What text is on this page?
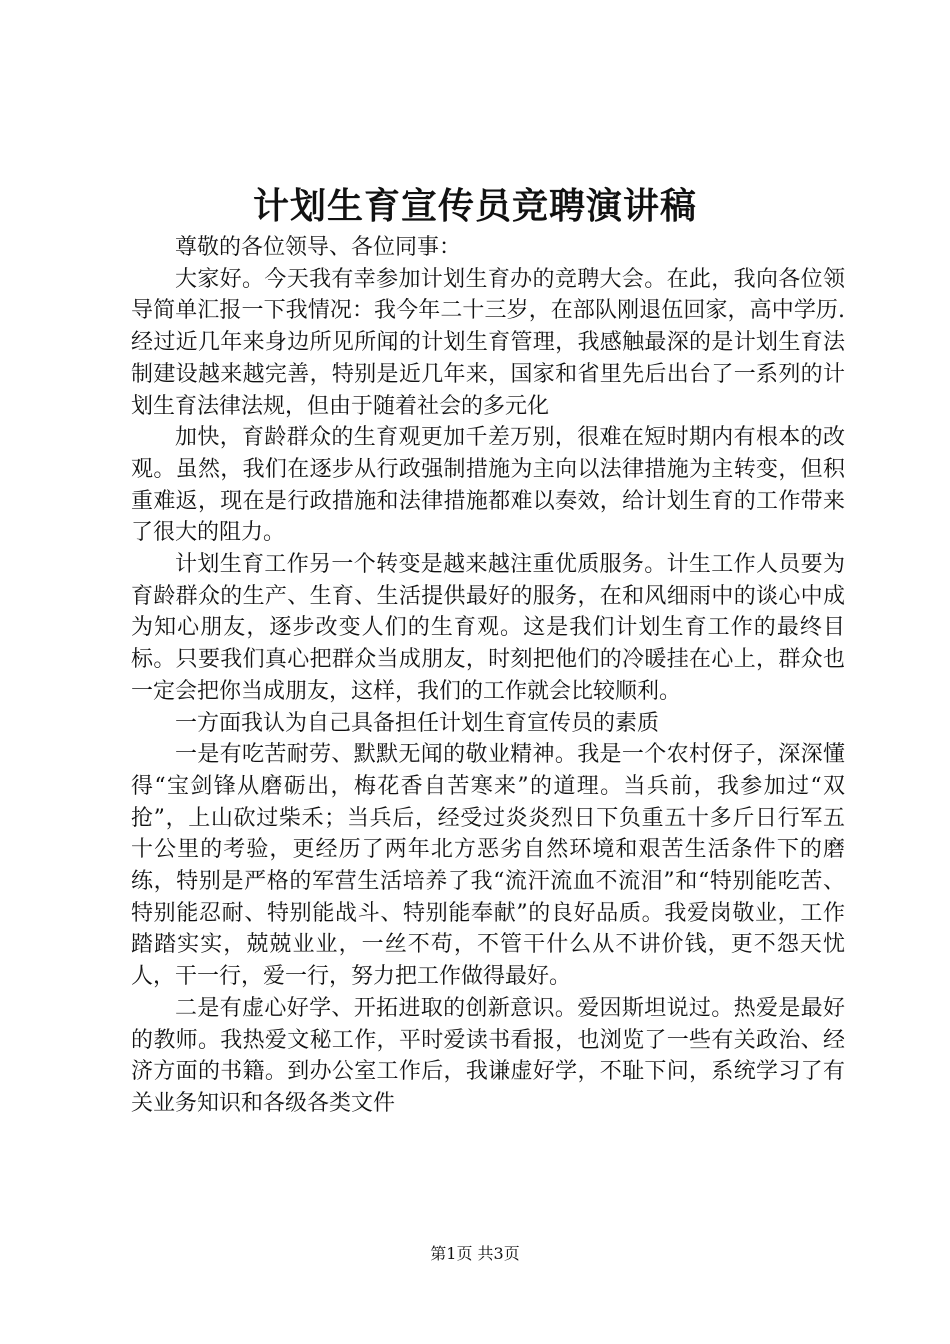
计划生育宣传员竞聘演讲稿

尊敬的各位领导、各位同事：

大家好。今天我有幸参加计划生育办的竞聘大会。在此，我向各位领导简单汇报一下我情况：我今年二十三岁，在部队刚退伍回家，高中学历.经过近几年来身边所见所闻的计划生育管理，我感触最深的是计划生育法制建设越来越完善，特别是近几年来，国家和省里先后出台了一系列的计划生育法律法规，但由于随着社会的多元化

加快，育龄群众的生育观更加千差万别，很难在短时期内有根本的改观。虽然，我们在逐步从行政强制措施为主向以法律措施为主转变，但积重难返，现在是行政措施和法律措施都难以奏效，给计划生育的工作带来了很大的阻力。

计划生育工作另一个转变是越来越注重优质服务。计生工作人员要为育龄群众的生产、生育、生活提供最好的服务，在和风细雨中的谈心中成为知心朋友，逐步改变人们的生育观。这是我们计划生育工作的最终目标。只要我们真心把群众当成朋友，时刻把他们的冷暖挂在心上，群众也一定会把你当成朋友，这样，我们的工作就会比较顺利。

一方面我认为自己具备担任计划生育宣传员的素质

一是有吃苦耐劳、默默无闻的敬业精神。我是一个农村伢子，深深懂得“宝剑锋从磨砺出，梅花香自苦寒来”的道理。当兵前，我参加过“双抢”，上山砍过柴禾；当兵后，经受过炎炎烈日下负重五十多斤日行军五十公里的考验，更经历了两年北方恶劣自然环境和艰苦生活条件下的磨练，特别是严格的军营生活培养了我“流汗流血不流泪”和“特别能吃苦、特别能忍耐、特别能战斗、特别能奉献”的良好品质。我爱岗敬业，工作踏踏实实，兢兢业业，一丝不苟，不管干什么从不讲价钱，更不怨天忧人，干一行，爱一行，努力把工作做得最好。

二是有虚心好学、开拓进取的创新意识。爱因斯坦说过。热爱是最好的教师。我热爱文秘工作，平时爱读书看报，也浏览了一些有关政治、经济方面的书籍。到办公室工作后，我谦虚好学，不耻下问，系统学习了有关业务知识和各级各类文件

第1页 共3页
